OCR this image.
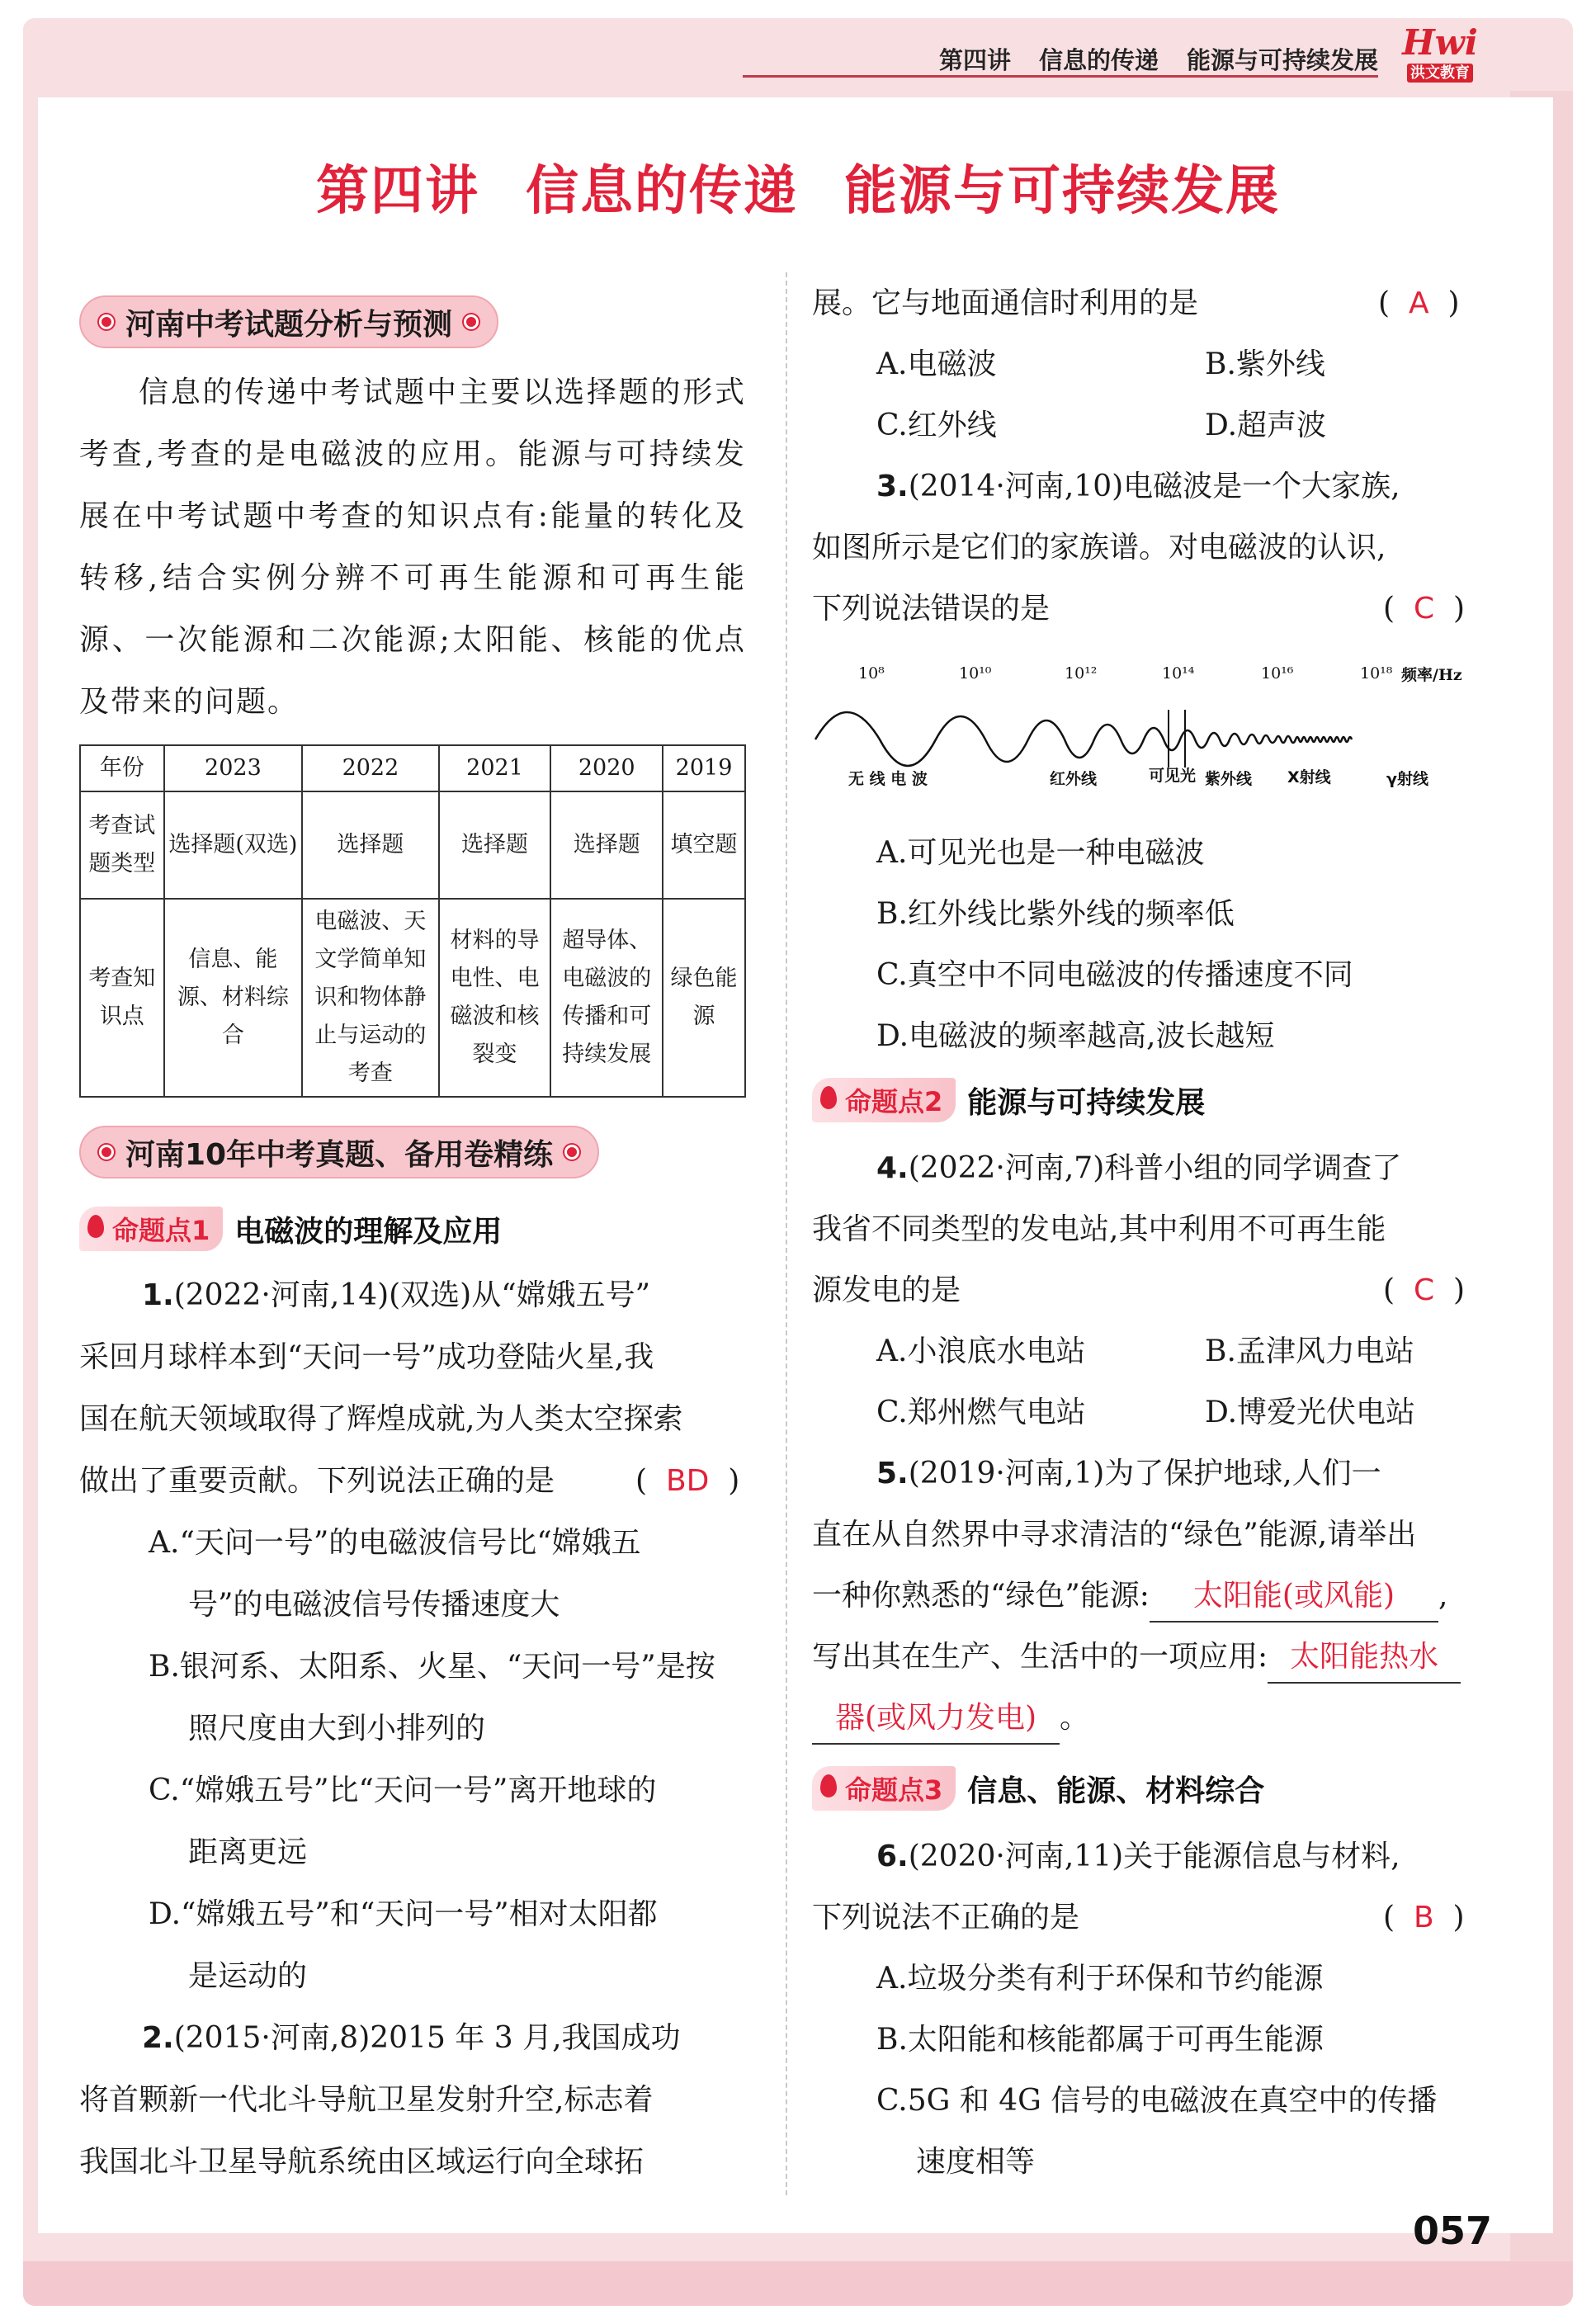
第四讲 信息的传递 能源与可持续发展 Hwi
洪文教育
第四讲 信息的传递 能源与可持续发展
河南中考试题分析与预测
信息的传递中考试题中主要以选择题的形式考查,考查的是电磁波的应用。能源与可持续发展在中考试题中考查的知识点有:能量的转化及转移,结合实例分辨不可再生能源和可再生能源、一次能源和二次能源;太阳能、核能的优点及带来的问题。
年份	2023	2022	2021	2020	2019
考查试题类型	选择题(双选)	选择题	选择题	选择题	填空题
考查知识点	信息、能源、材料综合	电磁波、天文学简单知识和物体静止与运动的考查	材料的导电性、电磁波和核裂变	超导体、电磁波的传播和可持续发展	绿色能源
河南10年中考真题、备用卷精练
命题点1 电磁波的理解及应用
1.(2022·河南,14)(双选)从“嫦娥五号”
采回月球样本到“天问一号”成功登陆火星,我
国在航天领域取得了辉煌成就,为人类太空探索
做出了重要贡献。下列说法正确的是	(  BD  )
A.“天问一号”的电磁波信号比“嫦娥五
号”的电磁波信号传播速度大
B.银河系、太阳系、火星、“天问一号”是按
照尺度由大到小排列的
C.“嫦娥五号”比“天问一号”离开地球的
距离更远
D.“嫦娥五号”和“天问一号”相对太阳都
是运动的
2.(2015·河南,8)2015 年 3 月,我国成功
将首颗新一代北斗导航卫星发射升空,标志着
我国北斗卫星导航系统由区域运行向全球拓
展。它与地面通信时利用的是	(  A  )
A.电磁波	B.紫外线
C.红外线	D.超声波
3.(2014·河南,10)电磁波是一个大家族,
如图所示是它们的家族谱。对电磁波的认识,
下列说法错误的是	(  C  )
10⁸	10¹⁰	10¹²	10¹⁴	10¹⁶	10¹⁸ 频率/Hz
无 线 电 波	红外线	可见光 紫外线 X射线	γ射线
A.可见光也是一种电磁波
B.红外线比紫外线的频率低
C.真空中不同电磁波的传播速度不同
D.电磁波的频率越高,波长越短
命题点2 能源与可持续发展
4.(2022·河南,7)科普小组的同学调查了
我省不同类型的发电站,其中利用不可再生能
源发电的是	(  C  )
A.小浪底水电站	B.孟津风力电站
C.郑州燃气电站	D.博爱光伏电站
5.(2019·河南,1)为了保护地球,人们一
直在从自然界中寻求清洁的“绿色”能源,请举出
一种你熟悉的“绿色”能源: 太阳能(或风能) ,
写出其在生产、生活中的一项应用: 太阳能热水
器(或风力发电) 。
命题点3 信息、能源、材料综合
6.(2020·河南,11)关于能源信息与材料,
下列说法不正确的是	(  B  )
A.垃圾分类有利于环保和节约能源
B.太阳能和核能都属于可再生能源
C.5G 和 4G 信号的电磁波在真空中的传播
速度相等
057
